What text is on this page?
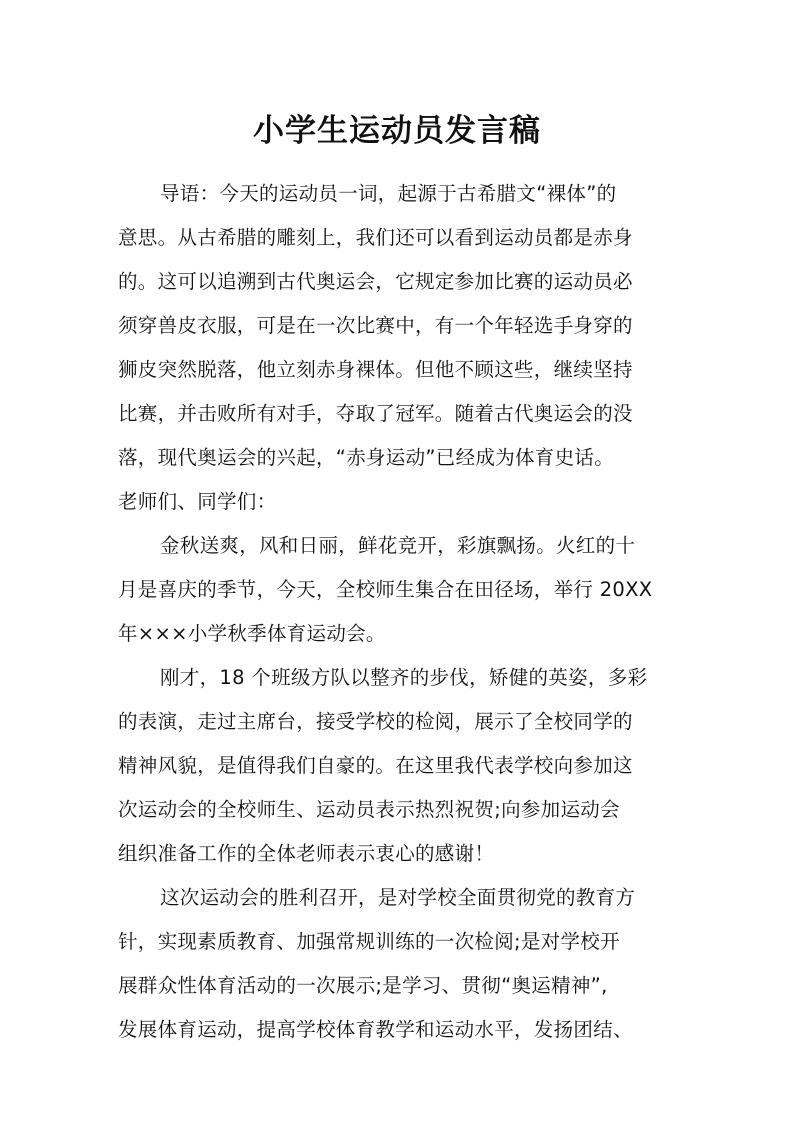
小学生运动员发言稿
导语：今天的运动员一词，起源于古希腊文“裸体”的
意思。从古希腊的雕刻上，我们还可以看到运动员都是赤身
的。这可以追溯到古代奥运会，它规定参加比赛的运动员必
须穿兽皮衣服，可是在一次比赛中，有一个年轻选手身穿的
狮皮突然脱落，他立刻赤身裸体。但他不顾这些，继续坚持
比赛，并击败所有对手，夺取了冠军。随着古代奥运会的没
落，现代奥运会的兴起，“赤身运动”已经成为体育史话。
老师们、同学们：
金秋送爽，风和日丽，鲜花竞开，彩旗飘扬。火红的十
月是喜庆的季节，今天，全校师生集合在田径场，举行 20XX
年×××小学秋季体育运动会。
刚才，18 个班级方队以整齐的步伐，矫健的英姿，多彩
的表演，走过主席台，接受学校的检阅，展示了全校同学的
精神风貌，是值得我们自豪的。在这里我代表学校向参加这
次运动会的全校师生、运动员表示热烈祝贺;向参加运动会
组织准备工作的全体老师表示衷心的感谢！
这次运动会的胜利召开，是对学校全面贯彻党的教育方
针，实现素质教育、加强常规训练的一次检阅;是对学校开
展群众性体育活动的一次展示;是学习、贯彻“奥运精神”,
发展体育运动，提高学校体育教学和运动水平，发扬团结、
